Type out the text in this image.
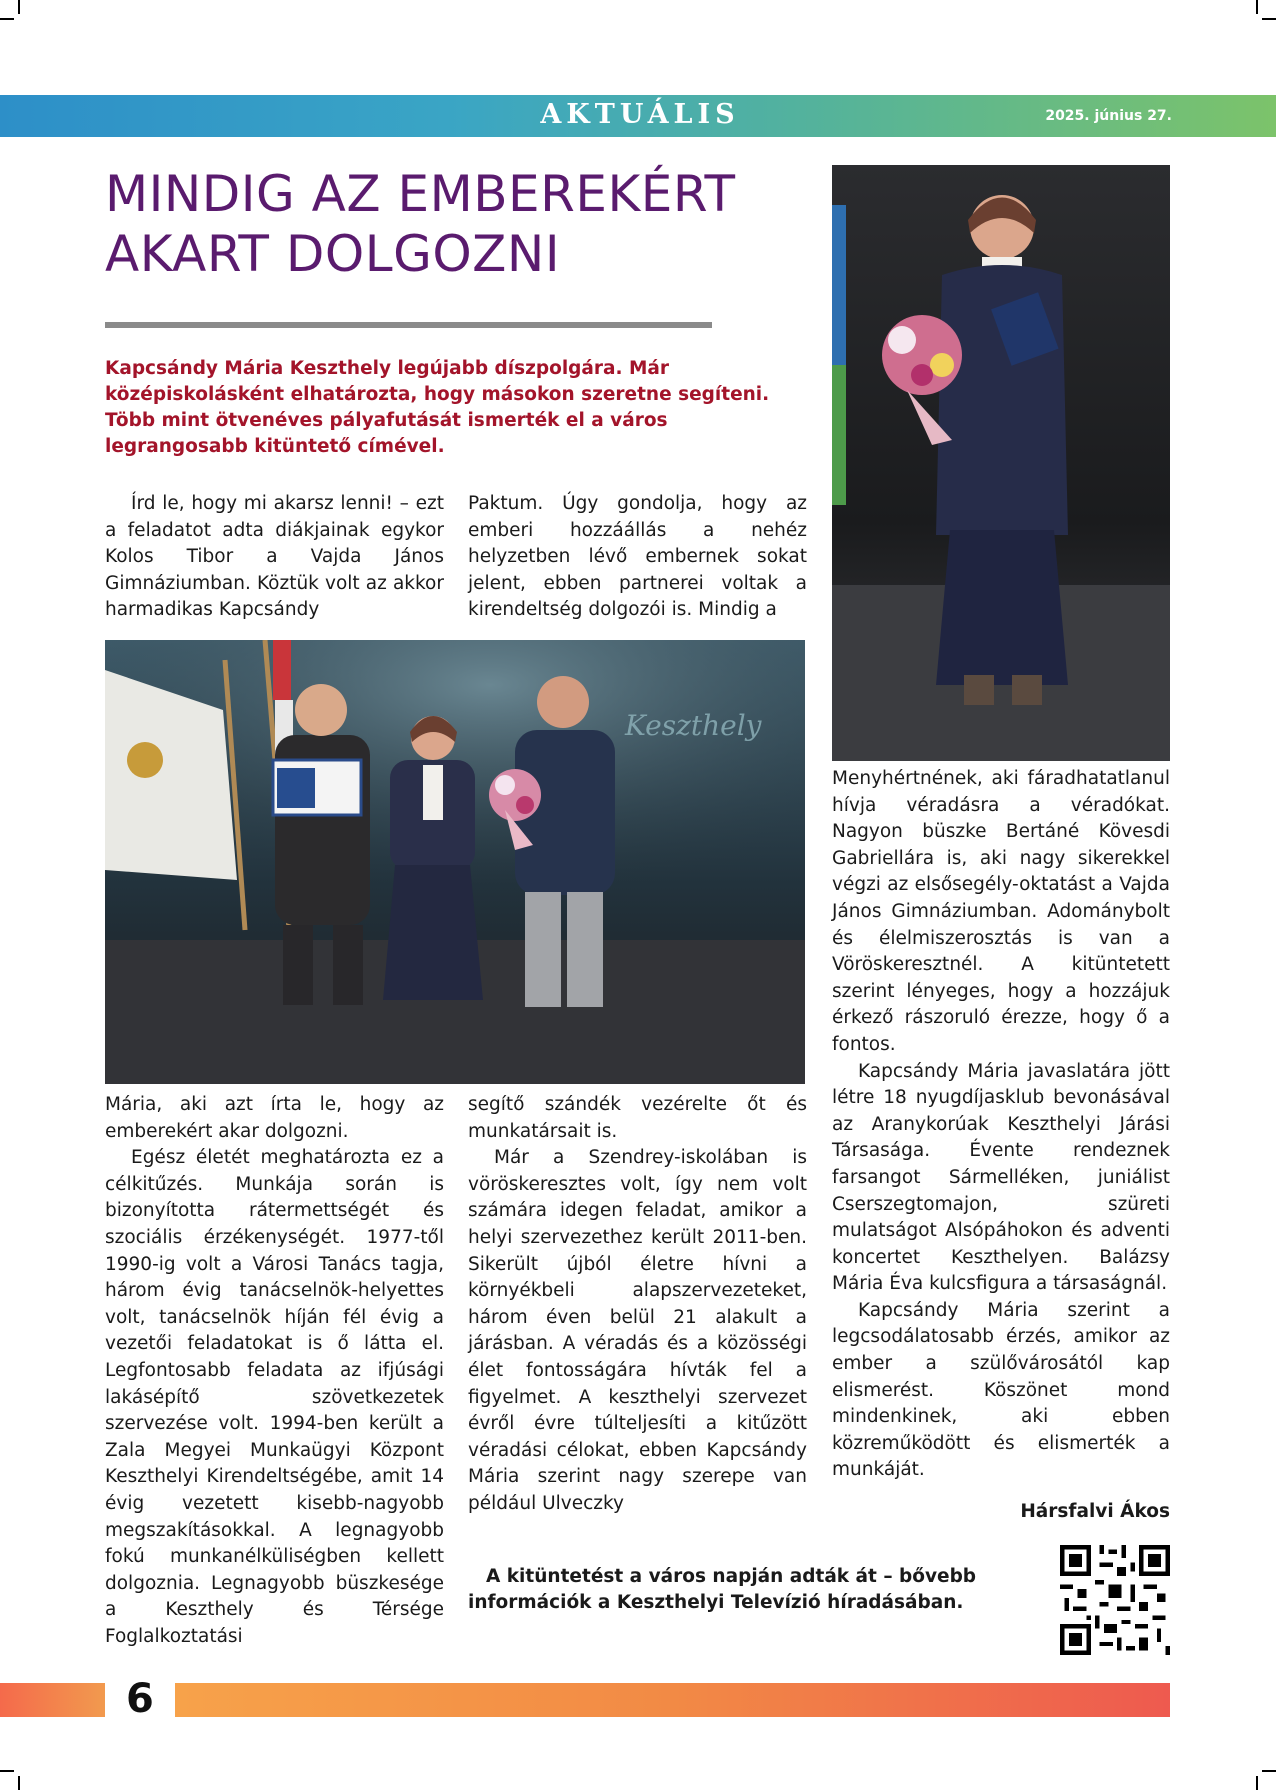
AKTUÁLIS	2025. június 27.
MINDIG AZ EMBEREKÉRT
AKART DOLGOZNI
Kapcsándy Mária Keszthely legújabb díszpolgára. Már középiskolásként elhatározta, hogy másokon szeretne segíteni. Több mint ötvenéves pályafutását ismerték el a város legrangosabb kitüntető címével.

Írd le, hogy mi akarsz lenni! – ezt a feladatot adta diákjainak egykor Kolos Tibor a Vajda János Gimnáziumban. Köztük volt az akkor harmadikas Kapcsándy

Paktum. Úgy gondolja, hogy az emberi hozzáállás a nehéz helyzetben lévő embernek sokat jelent, ebben partnerei voltak a kirendeltség dolgozói is. Mindig a

Keszthely

Mária, aki azt írta le, hogy az emberekért akar dolgozni.

Egész életét meghatározta ez a célkitűzés. Munkája során is bizonyította rátermettségét és szociális érzékenységét. 1977-től 1990-ig volt a Városi Tanács tagja, három évig tanácselnök-helyettes volt, tanácselnök híján fél évig a vezetői feladatokat is ő látta el. Legfontosabb feladata az ifjúsági lakásépítő szövetkezetek szervezése volt. 1994-ben került a Zala Megyei Munkaügyi Központ Keszthelyi Kirendeltségébe, amit 14 évig vezetett kisebb-nagyobb megszakításokkal. A legnagyobb fokú munkanélküliségben kellett dolgoznia. Legnagyobb büszkesége a Keszthely és Térsége Foglalkoztatási

segítő szándék vezérelte őt és munkatársait is.

Már a Szendrey-iskolában is vöröskeresztes volt, így nem volt számára idegen feladat, amikor a helyi szervezethez került 2011-ben. Sikerült újból életre hívni a környékbeli alapszervezeteket, három éven belül 21 alakult a járásban. A véradás és a közösségi élet fontosságára hívták fel a figyelmet. A keszthelyi szervezet évről évre túlteljesíti a kitűzött véradási célokat, ebben Kapcsándy Mária szerint nagy szerepe van például Ulveczky

Menyhértnének, aki fáradhatatlanul hívja véradásra a véradókat. Nagyon büszke Bertáné Kövesdi Gabriellára is, aki nagy sikerekkel végzi az elsősegély-oktatást a Vajda János Gimnáziumban. Adománybolt és élelmiszerosztás is van a Vöröskeresztnél. A kitüntetett szerint lényeges, hogy a hozzájuk érkező rászoruló érezze, hogy ő a fontos.

Kapcsándy Mária javaslatára jött létre 18 nyugdíjasklub bevonásával az Aranykorúak Keszthelyi Járási Társasága. Évente rendeznek farsangot Sármelléken, juniálist Cserszegtomajon, szüreti mulatságot Alsópáhokon és adventi koncertet Keszthelyen. Balázsy Mária Éva kulcsfigura a társaságnál.

Kapcsándy Mária szerint a legcsodálatosabb érzés, amikor az ember a szülővárosától kap elismerést. Köszönet mond mindenkinek, aki ebben közreműködött és elismerték a munkáját.

Hársfalvi Ákos
A kitüntetést a város napján adták át – bővebb információk a Keszthelyi Televízió híradásában.
6
